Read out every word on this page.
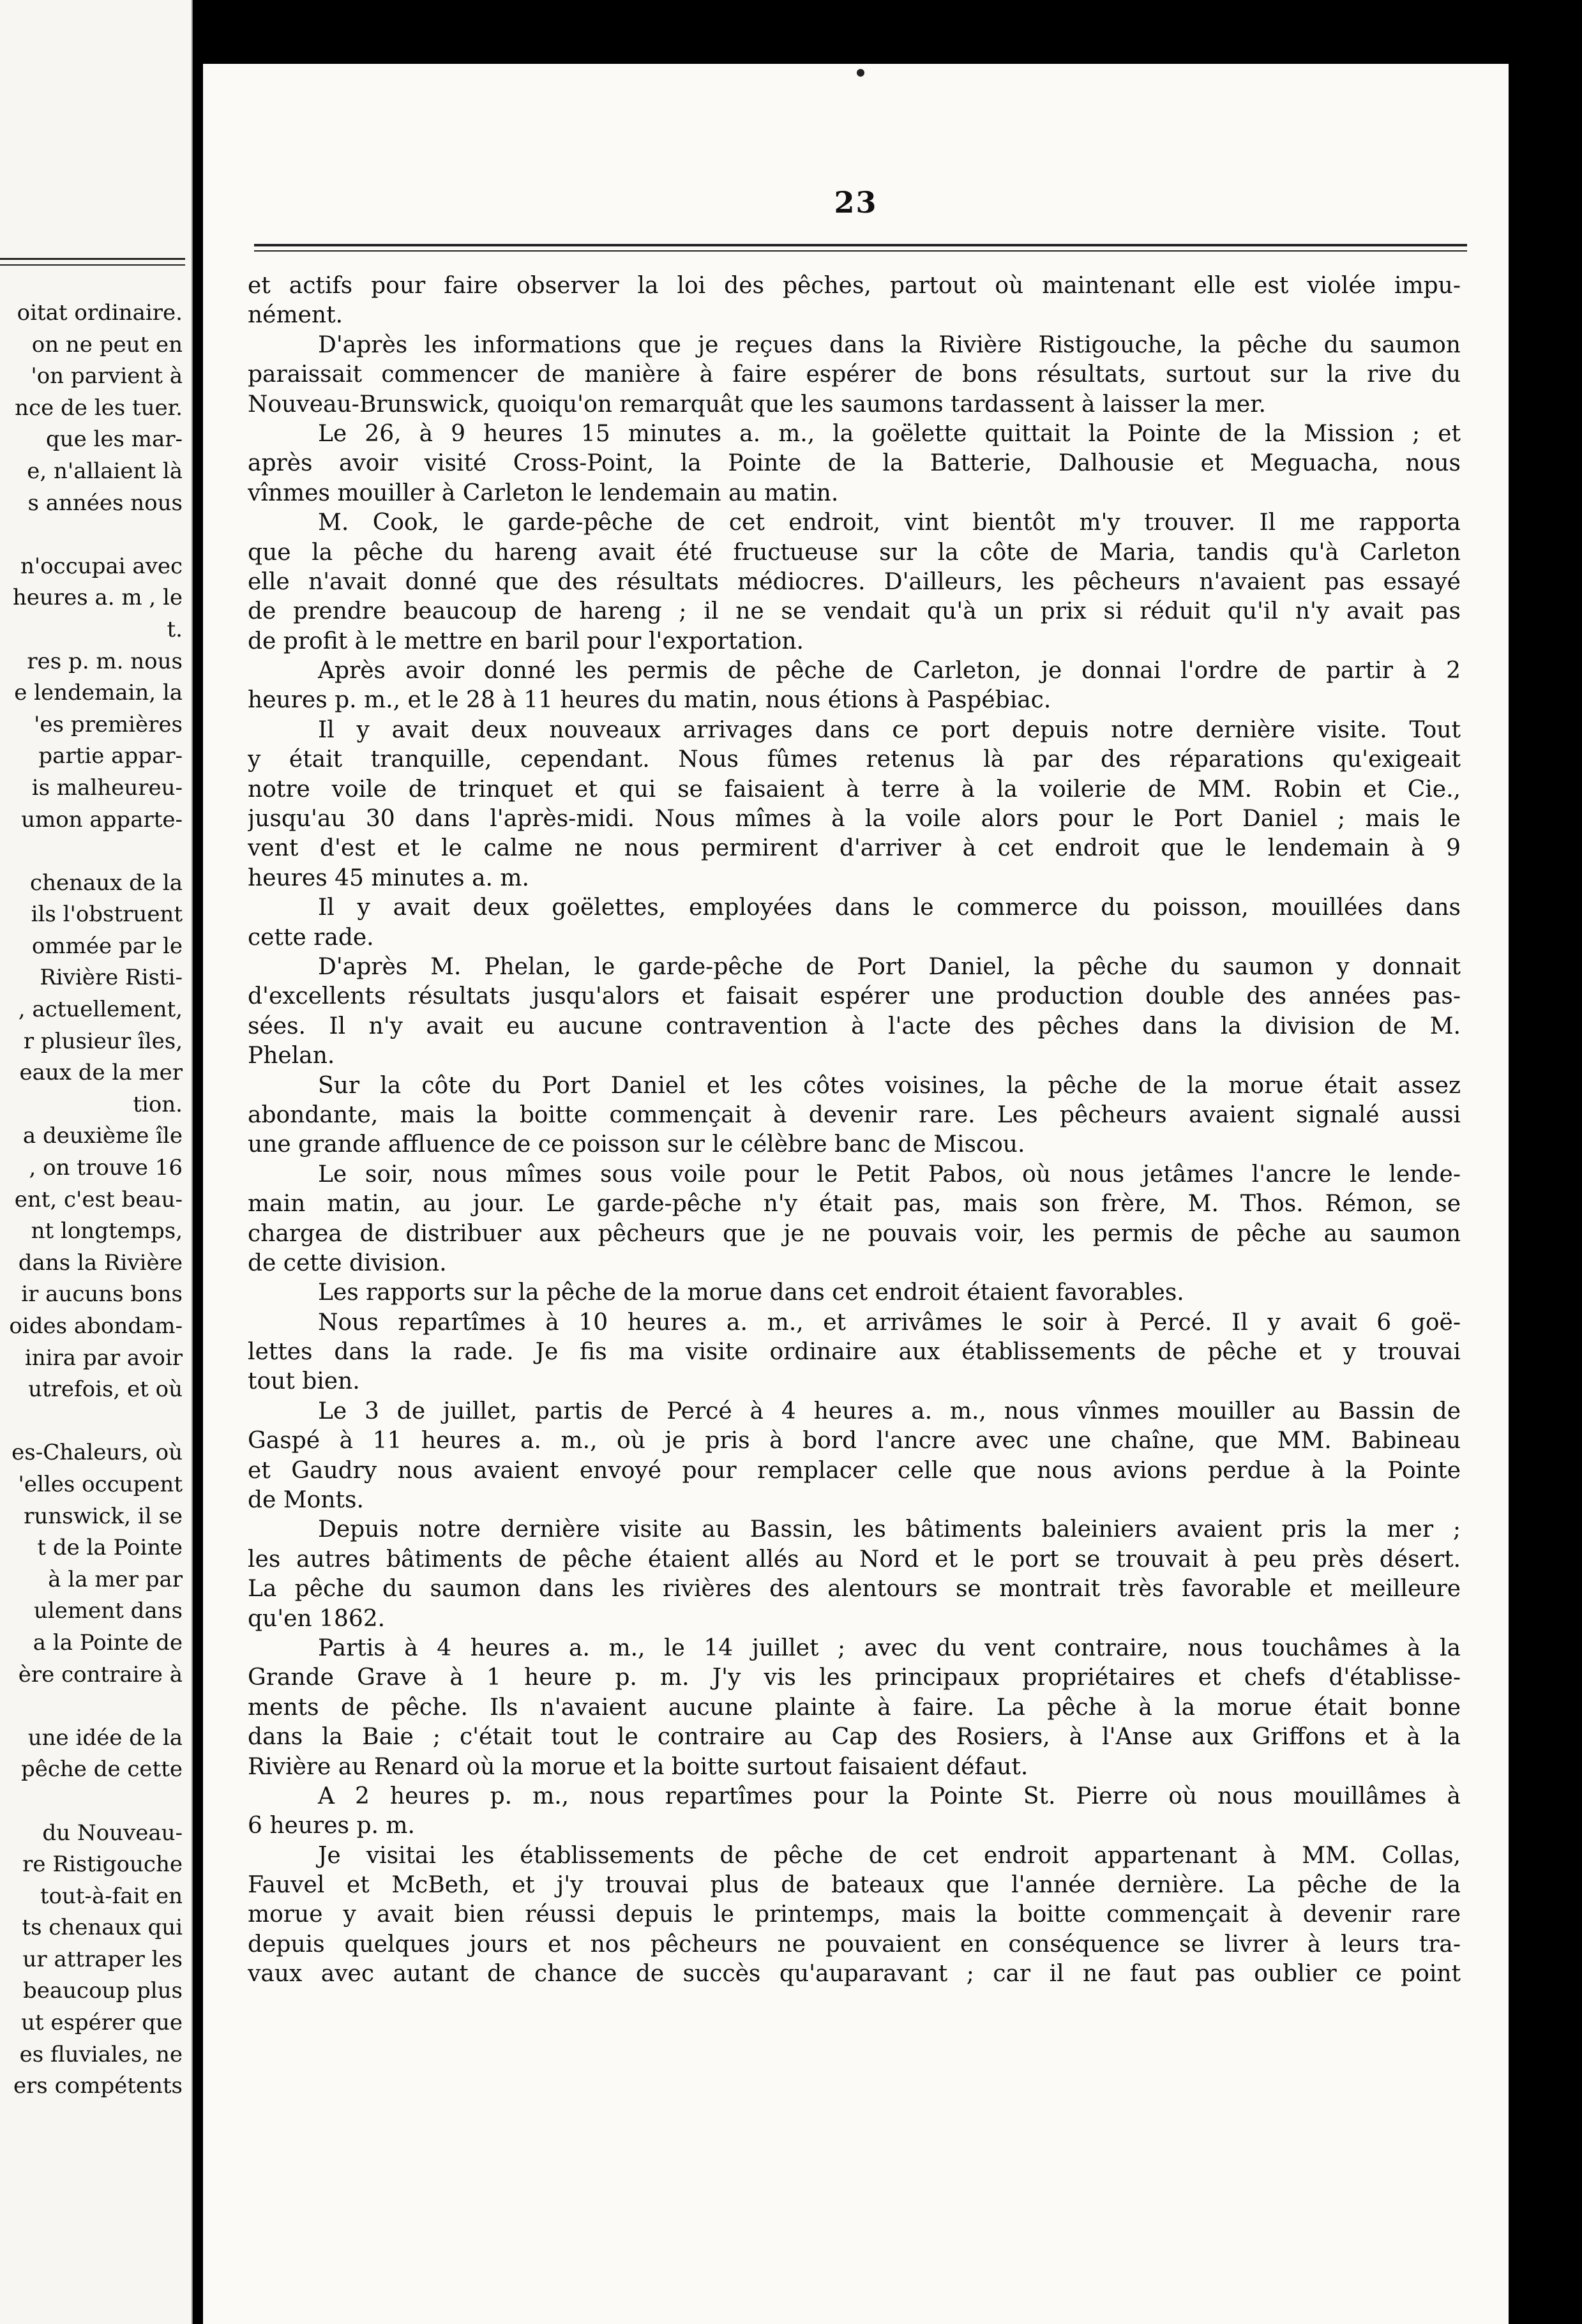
oitat ordinaire.
on ne peut en
'on parvient à
nce de les tuer.
que les mar-
e, n'allaient là
s années nous
n'occupai avec
heures a. m , le
t.
res p. m. nous
e lendemain, la
'es premières
partie appar-
is malheureu-
umon apparte-
chenaux de la
ils l'obstruent
ommée par le
Rivière Risti-
, actuellement,
r plusieur îles,
eaux de la mer
tion.
a deuxième île
, on trouve 16
ent, c'est beau-
nt longtemps,
dans la Rivière
ir aucuns bons
oides abondam-
inira par avoir
utrefois, et où
es-Chaleurs, où
'elles occupent
runswick, il se
t de la Pointe
à la mer par
ulement dans
a la Pointe de
ère contraire à
une idée de la
pêche de cette
du Nouveau-
re Ristigouche
tout-à-fait en
ts chenaux qui
ur attraper les
beaucoup plus
ut espérer que
es fluviales, ne
ers compétents
23
et actifs pour faire observer la loi des pêches, partout où maintenant elle est violée impu-
nément.
D'après les informations que je reçues dans la Rivière Ristigouche, la pêche du saumon
paraissait commencer de manière à faire espérer de bons résultats, surtout sur la rive du
Nouveau-Brunswick, quoiqu'on remarquât que les saumons tardassent à laisser la mer.
Le 26, à 9 heures 15 minutes a. m., la goëlette quittait la Pointe de la Mission ; et
après avoir visité Cross-Point, la Pointe de la Batterie, Dalhousie et Meguacha, nous
vînmes mouiller à Carleton le lendemain au matin.
M. Cook, le garde-pêche de cet endroit, vint bientôt m'y trouver. Il me rapporta
que la pêche du hareng avait été fructueuse sur la côte de Maria, tandis qu'à Carleton
elle n'avait donné que des résultats médiocres. D'ailleurs, les pêcheurs n'avaient pas essayé
de prendre beaucoup de hareng ; il ne se vendait qu'à un prix si réduit qu'il n'y avait pas
de profit à le mettre en baril pour l'exportation.
Après avoir donné les permis de pêche de Carleton, je donnai l'ordre de partir à 2
heures p. m., et le 28 à 11 heures du matin, nous étions à Paspébiac.
Il y avait deux nouveaux arrivages dans ce port depuis notre dernière visite. Tout
y était tranquille, cependant. Nous fûmes retenus là par des réparations qu'exigeait
notre voile de trinquet et qui se faisaient à terre à la voilerie de MM. Robin et Cie.,
jusqu'au 30 dans l'après-midi. Nous mîmes à la voile alors pour le Port Daniel ; mais le
vent d'est et le calme ne nous permirent d'arriver à cet endroit que le lendemain à 9
heures 45 minutes a. m.
Il y avait deux goëlettes, employées dans le commerce du poisson, mouillées dans
cette rade.
D'après M. Phelan, le garde-pêche de Port Daniel, la pêche du saumon y donnait
d'excellents résultats jusqu'alors et faisait espérer une production double des années pas-
sées. Il n'y avait eu aucune contravention à l'acte des pêches dans la division de M.
Phelan.
Sur la côte du Port Daniel et les côtes voisines, la pêche de la morue était assez
abondante, mais la boitte commençait à devenir rare. Les pêcheurs avaient signalé aussi
une grande affluence de ce poisson sur le célèbre banc de Miscou.
Le soir, nous mîmes sous voile pour le Petit Pabos, où nous jetâmes l'ancre le lende-
main matin, au jour. Le garde-pêche n'y était pas, mais son frère, M. Thos. Rémon, se
chargea de distribuer aux pêcheurs que je ne pouvais voir, les permis de pêche au saumon
de cette division.
Les rapports sur la pêche de la morue dans cet endroit étaient favorables.
Nous repartîmes à 10 heures a. m., et arrivâmes le soir à Percé. Il y avait 6 goë-
lettes dans la rade. Je fis ma visite ordinaire aux établissements de pêche et y trouvai
tout bien.
Le 3 de juillet, partis de Percé à 4 heures a. m., nous vînmes mouiller au Bassin de
Gaspé à 11 heures a. m., où je pris à bord l'ancre avec une chaîne, que MM. Babineau
et Gaudry nous avaient envoyé pour remplacer celle que nous avions perdue à la Pointe
de Monts.
Depuis notre dernière visite au Bassin, les bâtiments baleiniers avaient pris la mer ;
les autres bâtiments de pêche étaient allés au Nord et le port se trouvait à peu près désert.
La pêche du saumon dans les rivières des alentours se montrait très favorable et meilleure
qu'en 1862.
Partis à 4 heures a. m., le 14 juillet ; avec du vent contraire, nous touchâmes à la
Grande Grave à 1 heure p. m. J'y vis les principaux propriétaires et chefs d'établisse-
ments de pêche. Ils n'avaient aucune plainte à faire. La pêche à la morue était bonne
dans la Baie ; c'était tout le contraire au Cap des Rosiers, à l'Anse aux Griffons et à la
Rivière au Renard où la morue et la boitte surtout faisaient défaut.
A 2 heures p. m., nous repartîmes pour la Pointe St. Pierre où nous mouillâmes à
6 heures p. m.
Je visitai les établissements de pêche de cet endroit appartenant à MM. Collas,
Fauvel et McBeth, et j'y trouvai plus de bateaux que l'année dernière. La pêche de la
morue y avait bien réussi depuis le printemps, mais la boitte commençait à devenir rare
depuis quelques jours et nos pêcheurs ne pouvaient en conséquence se livrer à leurs tra-
vaux avec autant de chance de succès qu'auparavant ; car il ne faut pas oublier ce point
